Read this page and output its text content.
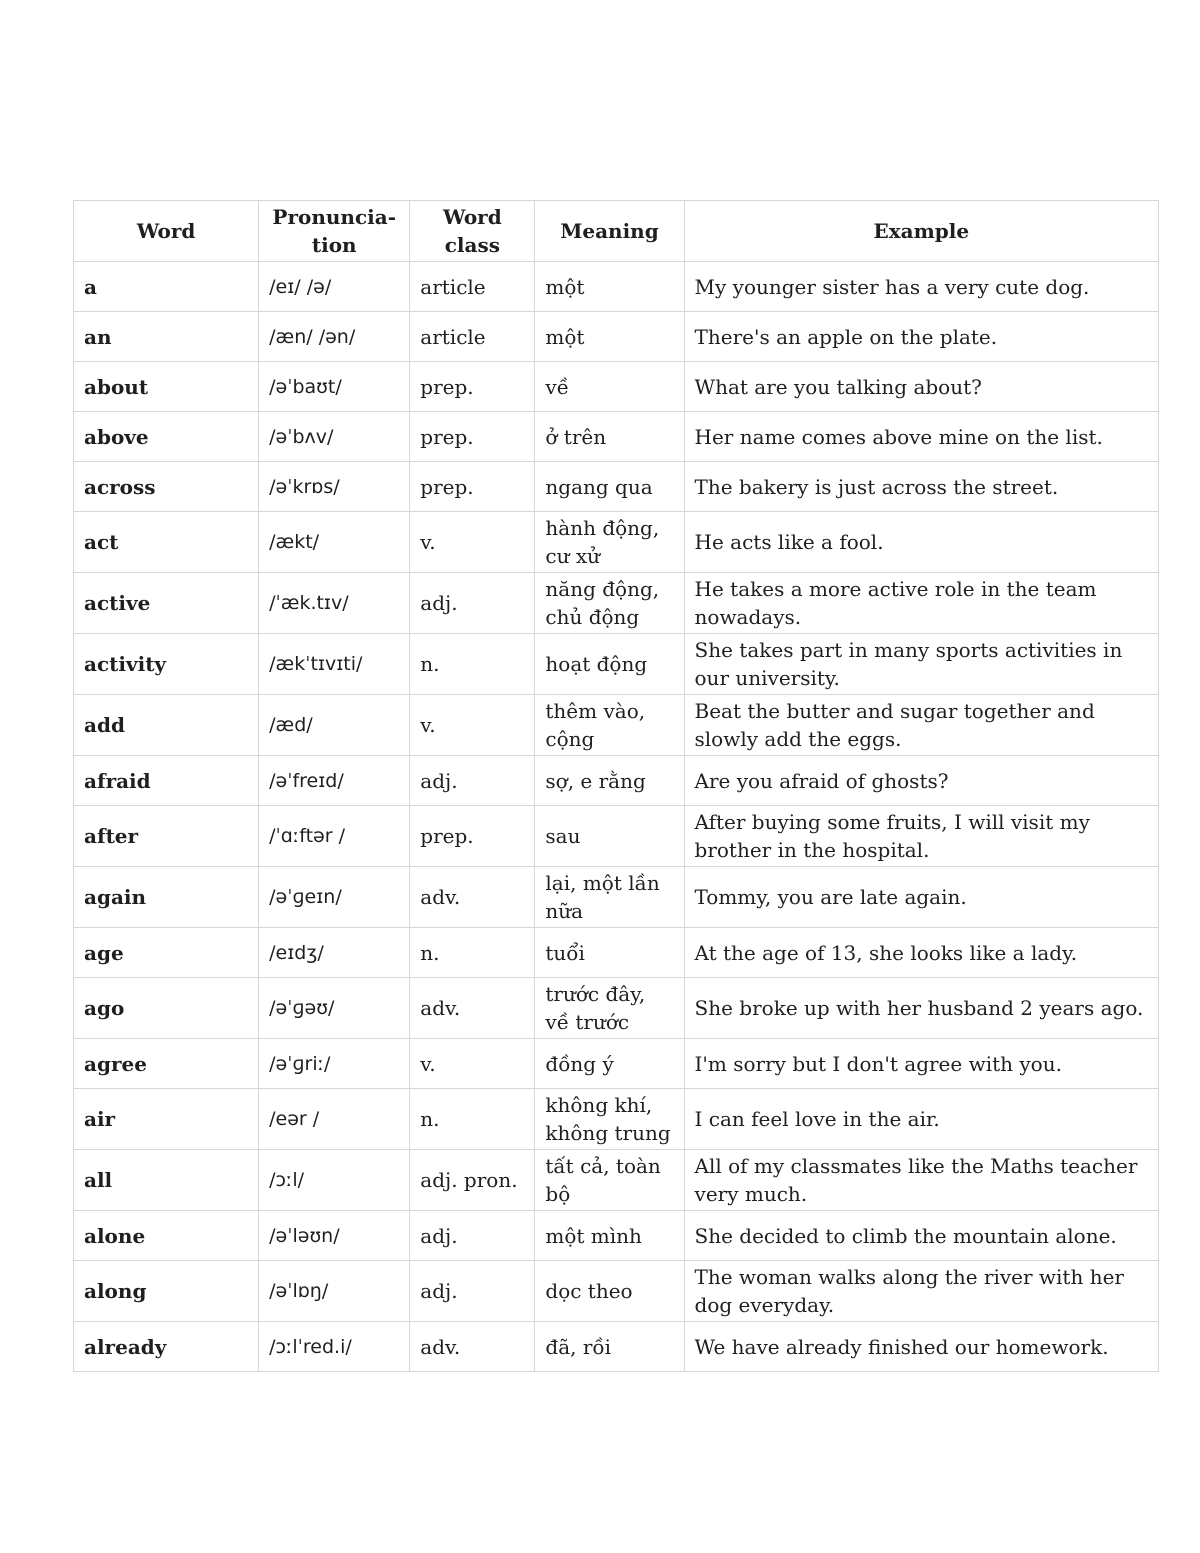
Word	Pronuncia-tion	Word class	Meaning	Example
a	/eɪ/ /ə/	article	một	My younger sister has a very cute dog.
an	/æn/ /ən/	article	một	There's an apple on the plate.
about	/əˈbaʊt/	prep.	về	What are you talking about?
above	/əˈbʌv/	prep.	ở trên	Her name comes above mine on the list.
across	/əˈkrɒs/	prep.	ngang qua	The bakery is just across the street.
act	/ækt/	v.	hành động, cư xử	He acts like a fool.
active	/ˈæk.tɪv/	adj.	năng động, chủ động	He takes a more active role in the team nowadays.
activity	/ækˈtɪvɪti/	n.	hoạt động	She takes part in many sports activities in our university.
add	/æd/	v.	thêm vào, cộng	Beat the butter and sugar together and slowly add the eggs.
afraid	/əˈfreɪd/	adj.	sợ, e rằng	Are you afraid of ghosts?
after	/ˈɑːftər /	prep.	sau	After buying some fruits, I will visit my brother in the hospital.
again	/əˈɡeɪn/	adv.	lại, một lần nữa	Tommy, you are late again.
age	/eɪdʒ/	n.	tuổi	At the age of 13, she looks like a lady.
ago	/əˈɡəʊ/	adv.	trước đây, về trước	She broke up with her husband 2 years ago.
agree	/əˈɡriː/	v.	đồng ý	I'm sorry but I don't agree with you.
air	/eər /	n.	không khí, không trung	I can feel love in the air.
all	/ɔːl/	adj. pron.	tất cả, toàn bộ	All of my classmates like the Maths teacher very much.
alone	/əˈləʊn/	adj.	một mình	She decided to climb the mountain alone.
along	/əˈlɒŋ/	adj.	dọc theo	The woman walks along the river with her dog everyday.
already	/ɔːlˈred.i/	adv.	đã, rồi	We have already finished our homework.
